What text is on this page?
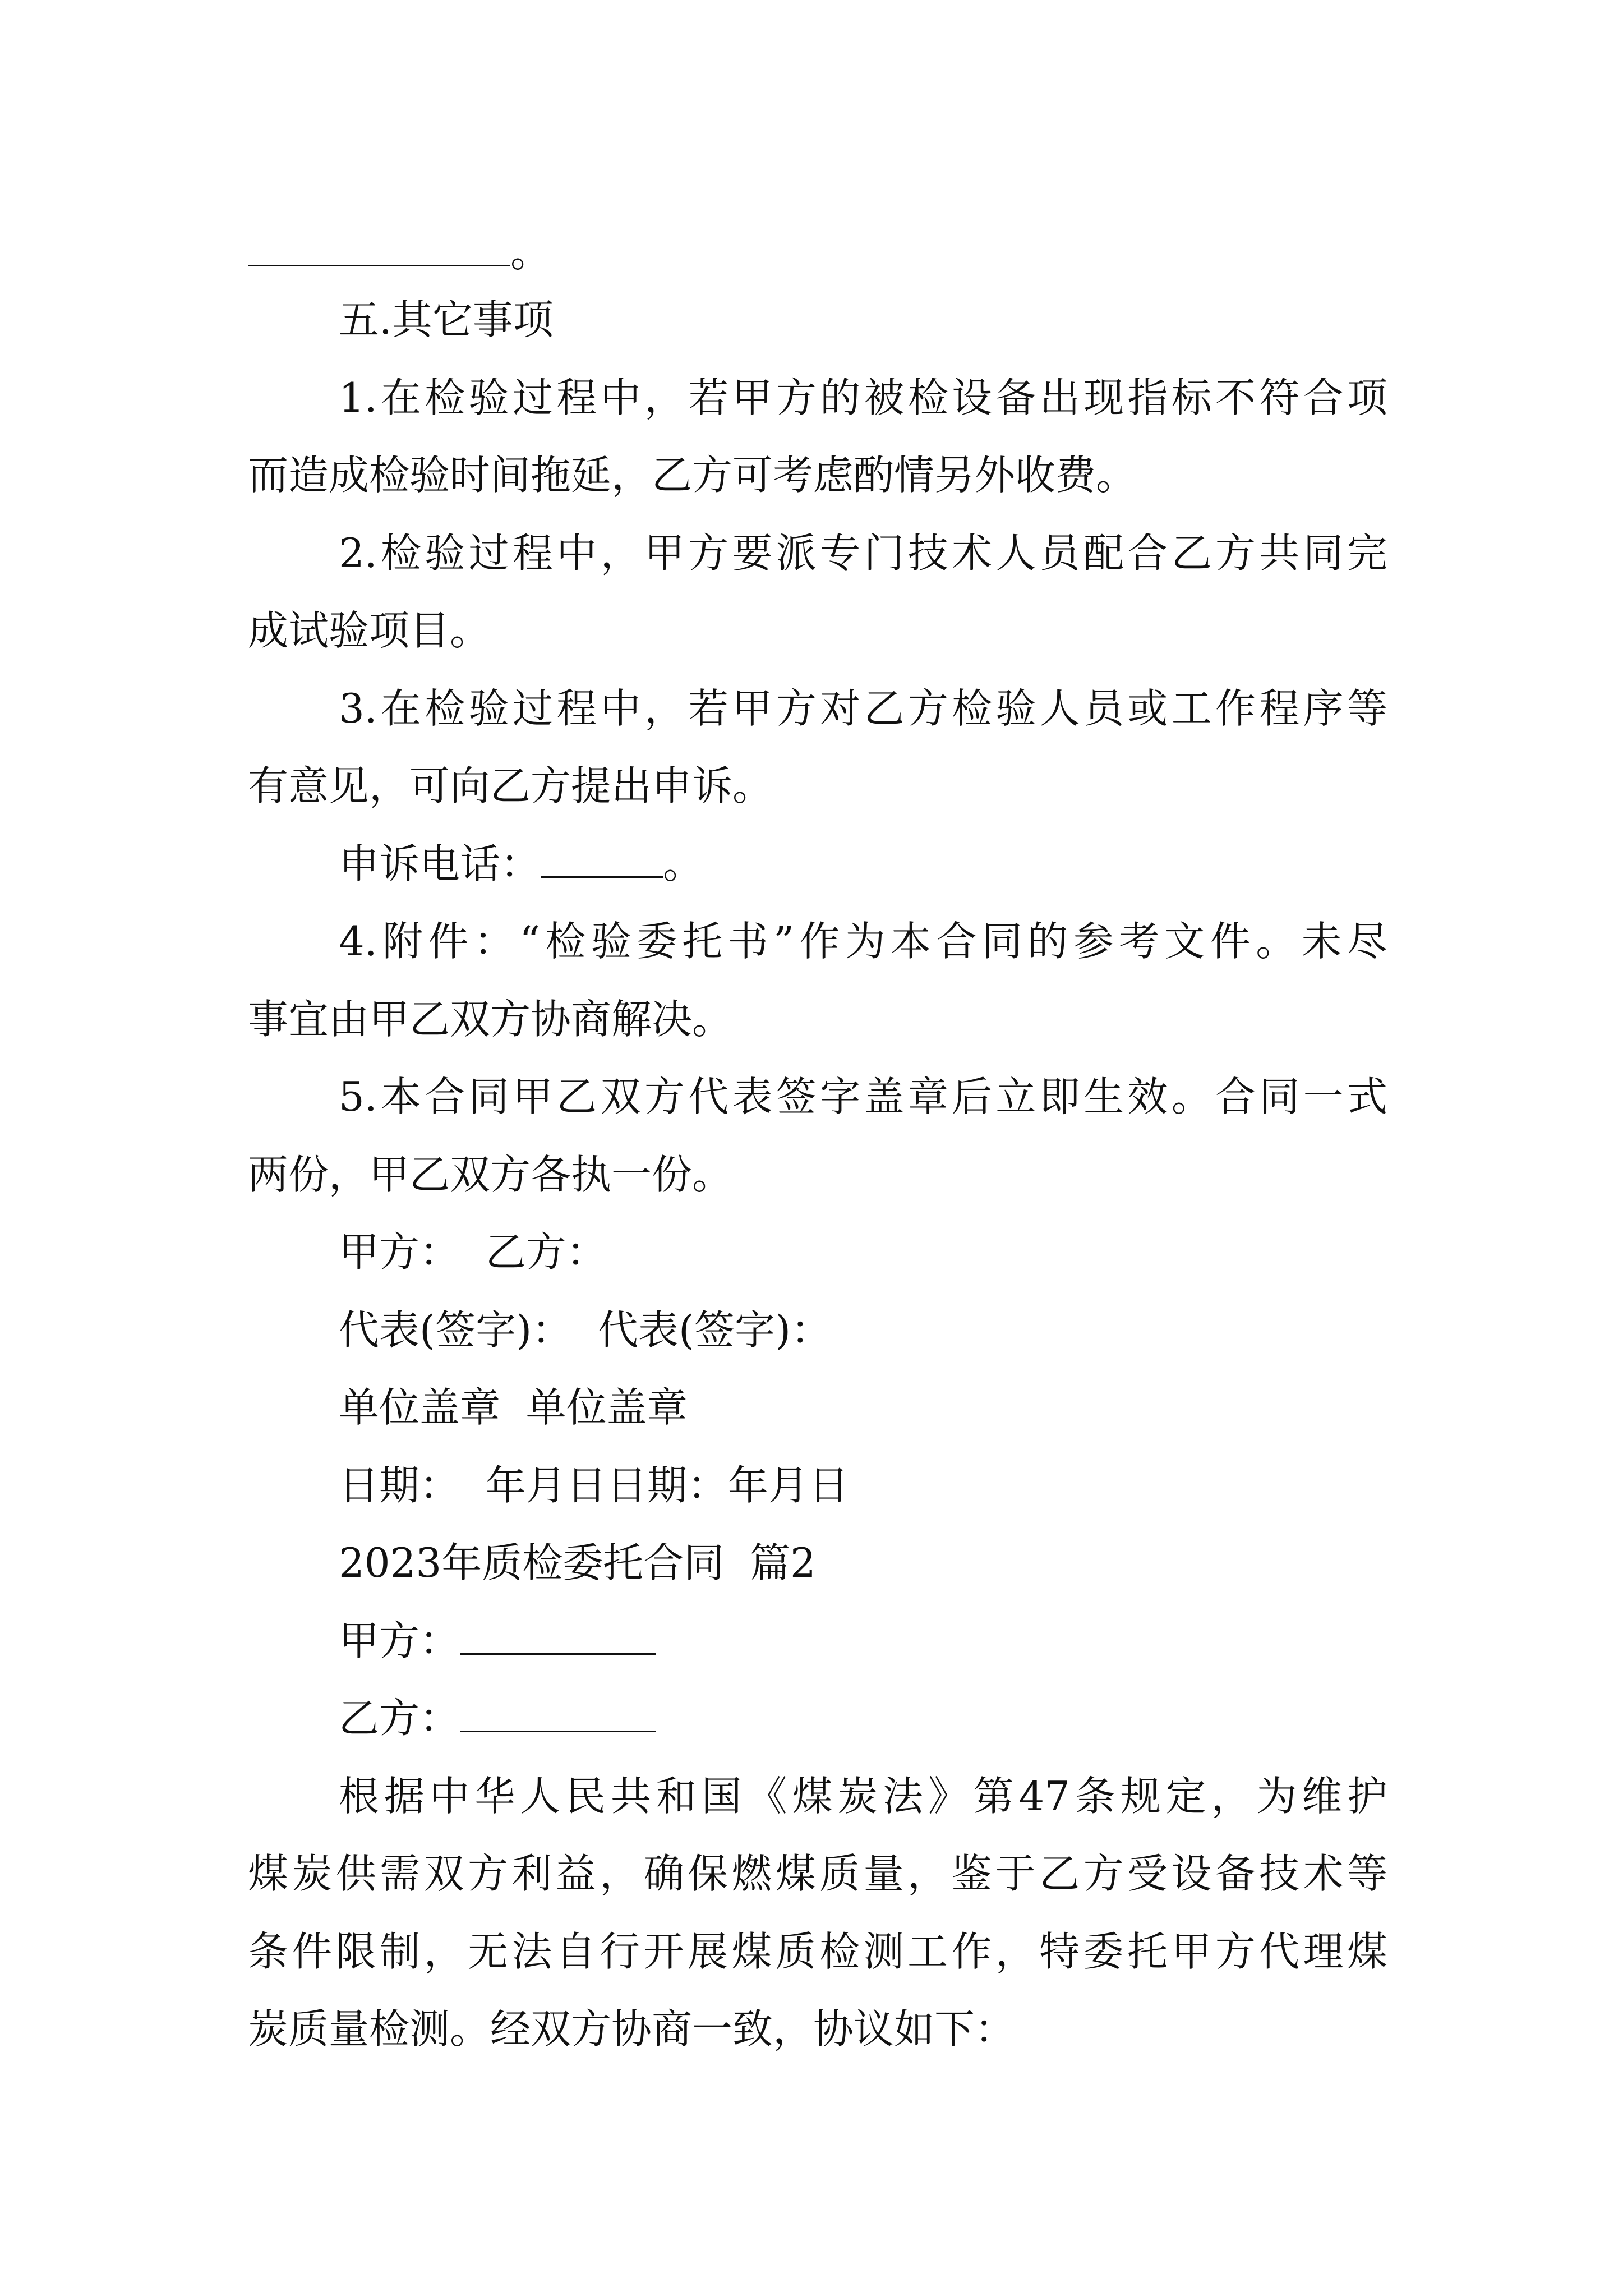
。
五.其它事项
1.在检验过程中，若甲方的被检设备出现指标不符合项
而造成检验时间拖延，乙方可考虑酌情另外收费。
2.检验过程中，甲方要派专门技术人员配合乙方共同完
成试验项目。
3.在检验过程中，若甲方对乙方检验人员或工作程序等
有意见，可向乙方提出申诉。
申诉电话：	。
4.附件：“检验委托书”作为本合同的参考文件。未尽
事宜由甲乙双方协商解决。
5.本合同甲乙双方代表签字盖章后立即生效。合同一式
两份，甲乙双方各执一份。
甲方：  乙方：
代表(签字)：  代表(签字)：
单位盖章  单位盖章
日期：  年月日日期：年月日
2023年质检委托合同  篇2
甲方：
乙方：
根据中华人民共和国《煤炭法》第47条规定，为维护
煤炭供需双方利益，确保燃煤质量，鉴于乙方受设备技术等
条件限制，无法自行开展煤质检测工作，特委托甲方代理煤
炭质量检测。经双方协商一致，协议如下：
